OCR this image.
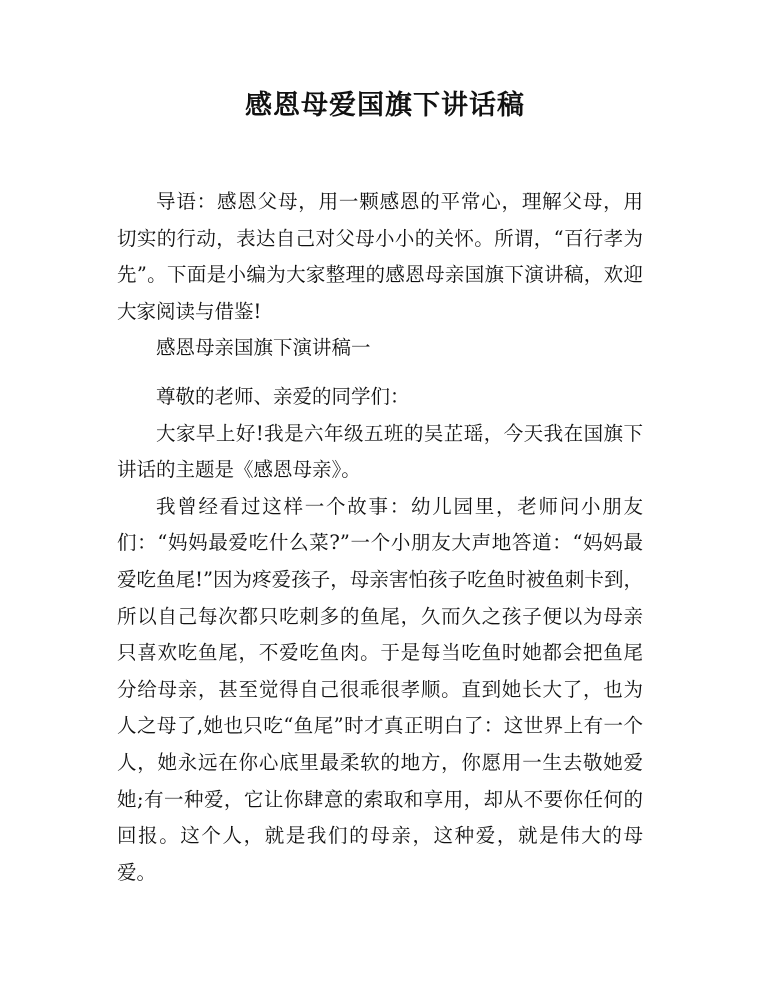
感恩母爱国旗下讲话稿

导语：感恩父母，用一颗感恩的平常心，理解父母，用切实的行动，表达自己对父母小小的关怀。所谓，“百行孝为先”。下面是小编为大家整理的感恩母亲国旗下演讲稿，欢迎大家阅读与借鉴!

感恩母亲国旗下演讲稿一

尊敬的老师、亲爱的同学们：

大家早上好!我是六年级五班的吴芷瑶，今天我在国旗下讲话的主题是《感恩母亲》。

我曾经看过这样一个故事：幼儿园里，老师问小朋友们：“妈妈最爱吃什么菜?”一个小朋友大声地答道：“妈妈最爱吃鱼尾!”因为疼爱孩子，母亲害怕孩子吃鱼时被鱼刺卡到，所以自己每次都只吃刺多的鱼尾，久而久之孩子便以为母亲只喜欢吃鱼尾，不爱吃鱼肉。于是每当吃鱼时她都会把鱼尾分给母亲，甚至觉得自己很乖很孝顺。直到她长大了，也为人之母了,她也只吃“鱼尾”时才真正明白了：这世界上有一个人，她永远在你心底里最柔软的地方，你愿用一生去敬她爱她;有一种爱，它让你肆意的索取和享用，却从不要你任何的回报。这个人，就是我们的母亲，这种爱，就是伟大的母爱。
